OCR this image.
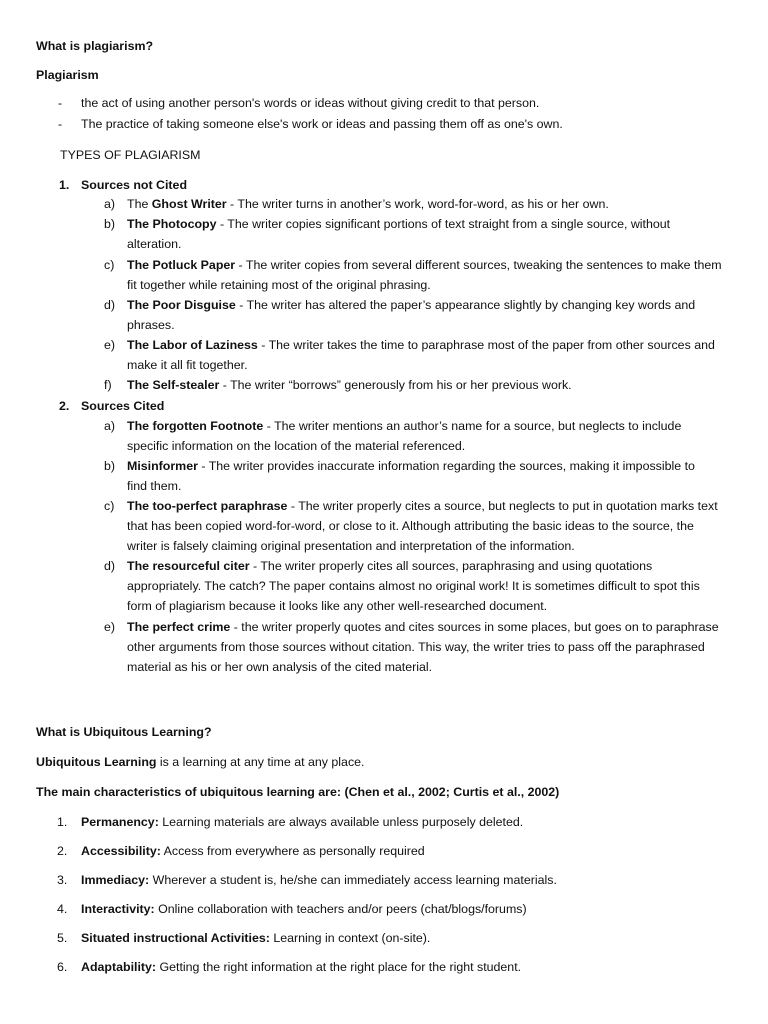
What is plagiarism?
Plagiarism
- the act of using another person's words or ideas without giving credit to that person.
- The practice of taking someone else's work or ideas and passing them off as one's own.
TYPES OF PLAGIARISM
1. Sources not Cited
a) The Ghost Writer - The writer turns in another’s work, word-for-word, as his or her own.
b) The Photocopy - The writer copies significant portions of text straight from a single source, without
alteration.
c) The Potluck Paper - The writer copies from several different sources, tweaking the sentences to make them
fit together while retaining most of the original phrasing.
d) The Poor Disguise - The writer has altered the paper’s appearance slightly by changing key words and
phrases.
e) The Labor of Laziness - The writer takes the time to paraphrase most of the paper from other sources and
make it all fit together.
f) The Self-stealer - The writer “borrows” generously from his or her previous work.
2. Sources Cited
a) The forgotten Footnote - The writer mentions an author’s name for a source, but neglects to include
specific information on the location of the material referenced.
b) Misinformer - The writer provides inaccurate information regarding the sources, making it impossible to
find them.
c) The too-perfect paraphrase - The writer properly cites a source, but neglects to put in quotation marks text
that has been copied word-for-word, or close to it. Although attributing the basic ideas to the source, the
writer is falsely claiming original presentation and interpretation of the information.
d) The resourceful citer - The writer properly cites all sources, paraphrasing and using quotations
appropriately. The catch? The paper contains almost no original work! It is sometimes difficult to spot this
form of plagiarism because it looks like any other well-researched document.
e) The perfect crime - the writer properly quotes and cites sources in some places, but goes on to paraphrase
other arguments from those sources without citation. This way, the writer tries to pass off the paraphrased
material as his or her own analysis of the cited material.
What is Ubiquitous Learning?
Ubiquitous Learning is a learning at any time at any place.
The main characteristics of ubiquitous learning are: (Chen et al., 2002; Curtis et al., 2002)
1. Permanency: Learning materials are always available unless purposely deleted.
2. Accessibility: Access from everywhere as personally required
3. Immediacy: Wherever a student is, he/she can immediately access learning materials.
4. Interactivity: Online collaboration with teachers and/or peers (chat/blogs/forums)
5. Situated instructional Activities: Learning in context (on-site).
6. Adaptability: Getting the right information at the right place for the right student.
